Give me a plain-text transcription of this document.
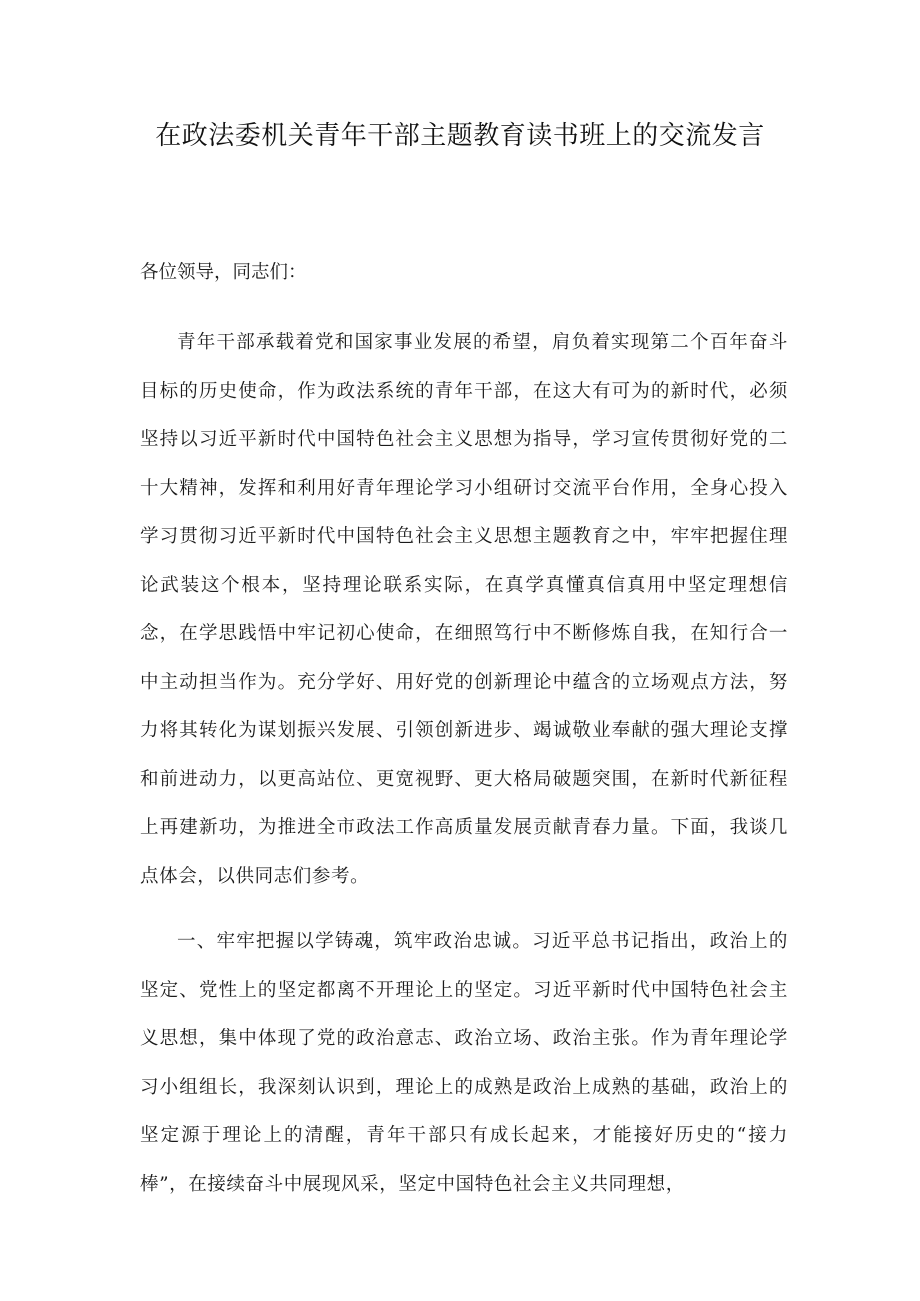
在政法委机关青年干部主题教育读书班上的交流发言

各位领导，同志们：

青年干部承载着党和国家事业发展的希望，肩负着实现第二个百年奋斗目标的历史使命，作为政法系统的青年干部，在这大有可为的新时代，必须坚持以习近平新时代中国特色社会主义思想为指导，学习宣传贯彻好党的二十大精神，发挥和利用好青年理论学习小组研讨交流平台作用，全身心投入学习贯彻习近平新时代中国特色社会主义思想主题教育之中，牢牢把握住理论武装这个根本，坚持理论联系实际，在真学真懂真信真用中坚定理想信念，在学思践悟中牢记初心使命，在细照笃行中不断修炼自我，在知行合一中主动担当作为。充分学好、用好党的创新理论中蕴含的立场观点方法，努力将其转化为谋划振兴发展、引领创新进步、竭诚敬业奉献的强大理论支撑和前进动力，以更高站位、更宽视野、更大格局破题突围，在新时代新征程上再建新功，为推进全市政法工作高质量发展贡献青春力量。下面，我谈几点体会，以供同志们参考。

一、牢牢把握以学铸魂，筑牢政治忠诚。习近平总书记指出，政治上的坚定、党性上的坚定都离不开理论上的坚定。习近平新时代中国特色社会主义思想，集中体现了党的政治意志、政治立场、政治主张。作为青年理论学习小组组长，我深刻认识到，理论上的成熟是政治上成熟的基础，政治上的坚定源于理论上的清醒，青年干部只有成长起来，才能接好历史的“接力棒”，在接续奋斗中展现风采，坚定中国特色社会主义共同理想，
